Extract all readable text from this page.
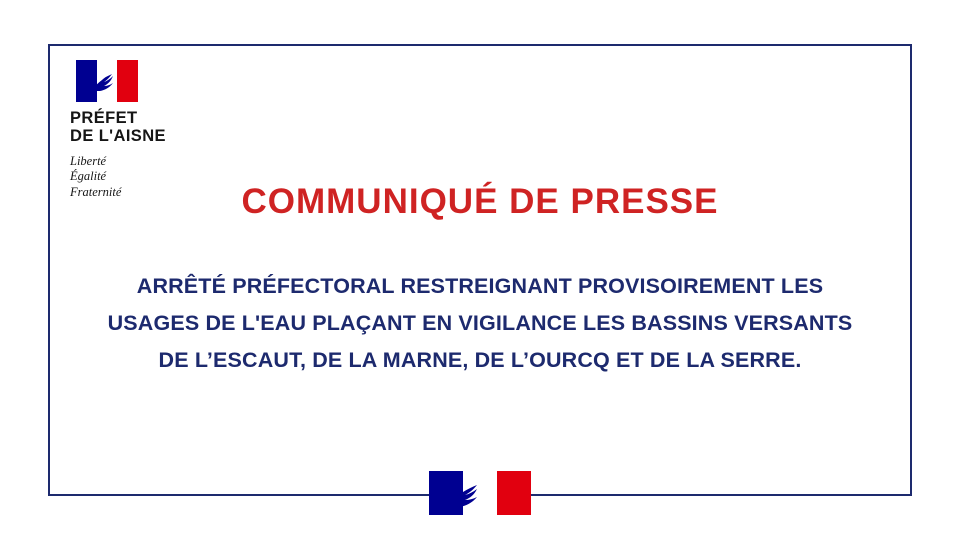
PRÉFET
DE L'AISNE
Liberté
Égalité
Fraternité	COMMUNIQUÉ DE PRESSE
ARRÊTÉ PRÉFECTORAL RESTREIGNANT PROVISOIREMENT LES
USAGES DE L'EAU PLAÇANT EN VIGILANCE LES BASSINS VERSANTS
DE L’ESCAUT, DE LA MARNE, DE L’OURCQ ET DE LA SERRE.
